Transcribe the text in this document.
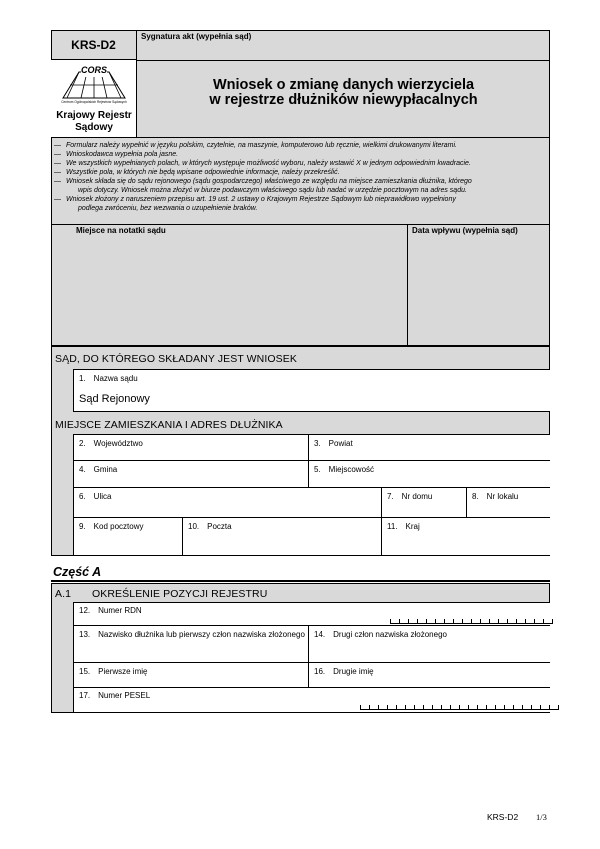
KRS-D2
Sygnatura akt (wypełnia sąd)
CORS
Centrum Ogólnopolskich Rejestrów Sądowych
Krajowy Rejestr
Sądowy
Wniosek o zmianę danych wierzyciela
w rejestrze dłużników niewypłacalnych
— Formularz należy wypełnić w języku polskim, czytelnie, na maszynie, komputerowo lub ręcznie, wielkimi drukowanymi literami.
— Wnioskodawca wypełnia pola jasne.
— We wszystkich wypełnianych polach, w których występuje możliwość wyboru, należy wstawić X w jednym odpowiednim kwadracie.
— Wszystkie pola, w których nie będą wpisane odpowiednie informacje, należy przekreślić.
— Wniosek składa się do sądu rejonowego (sądu gospodarczego) właściwego ze względu na miejsce zamieszkania dłużnika, którego
wpis dotyczy. Wniosek można złożyć w biurze podawczym właściwego sądu lub nadać w urzędzie pocztowym na adres sądu.
— Wniosek złożony z naruszeniem przepisu art. 19 ust. 2 ustawy o Krajowym Rejestrze Sądowym lub nieprawidłowo wypełniony
podlega zwróceniu, bez wezwania o uzupełnienie braków.
Miejsce na notatki sądu	Data wpływu (wypełnia sąd)
SĄD, DO KTÓREGO SKŁADANY JEST WNIOSEK
1. Nazwa sądu
Sąd Rejonowy
MIEJSCE ZAMIESZKANIA I ADRES DŁUŻNIKA
2. Województwo	3. Powiat
4. Gmina	5. Miejscowość
6. Ulica	7. Nr domu	8. Nr lokalu
9. Kod pocztowy	10. Poczta	11. Kraj
Część A
A.1 OKREŚLENIE POZYCJI REJESTRU
12. Numer RDN
13. Nazwisko dłużnika lub pierwszy człon nazwiska złożonego 14. Drugi człon nazwiska złożonego
15. Pierwsze imię	16. Drugie imię
17. Numer PESEL
KRS-D2 1/3
